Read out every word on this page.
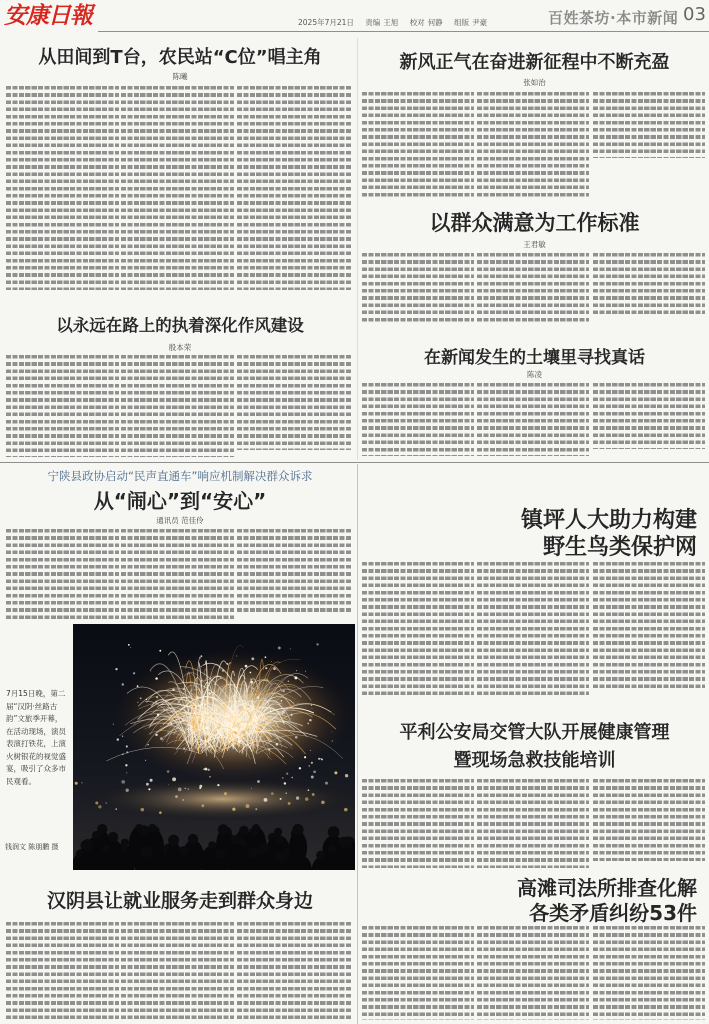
安康日報	2025年7月21日 责编 王旭 校对 何静 组版 尹豪	百姓茶坊·本市新闻 03
从田间到T台，农民站“C位”唱主角
陈曦
新风正气在奋进新征程中不断充盈
张如治
以群众满意为工作标准
王君敏
以永远在路上的执着深化作风建设
殷本荣
在新闻发生的土壤里寻找真话
陈凌
宁陕县政协启动“民声直通车”响应机制解决群众诉求
从“闹心”到“安心”
通讯员 范佳伶
7月15日晚，第二届“汉阴·丝路古韵”文旅季开幕，在活动现场，演员表演打铁花，上演火树银花的视觉盛宴，吸引了众多市民观看。
钱润文 陈朋鹏 摄
汉阴县让就业服务走到群众身边
镇坪人大助力构建
野生鸟类保护网
平利公安局交管大队开展健康管理
暨现场急救技能培训
高滩司法所排查化解
各类矛盾纠纷53件
